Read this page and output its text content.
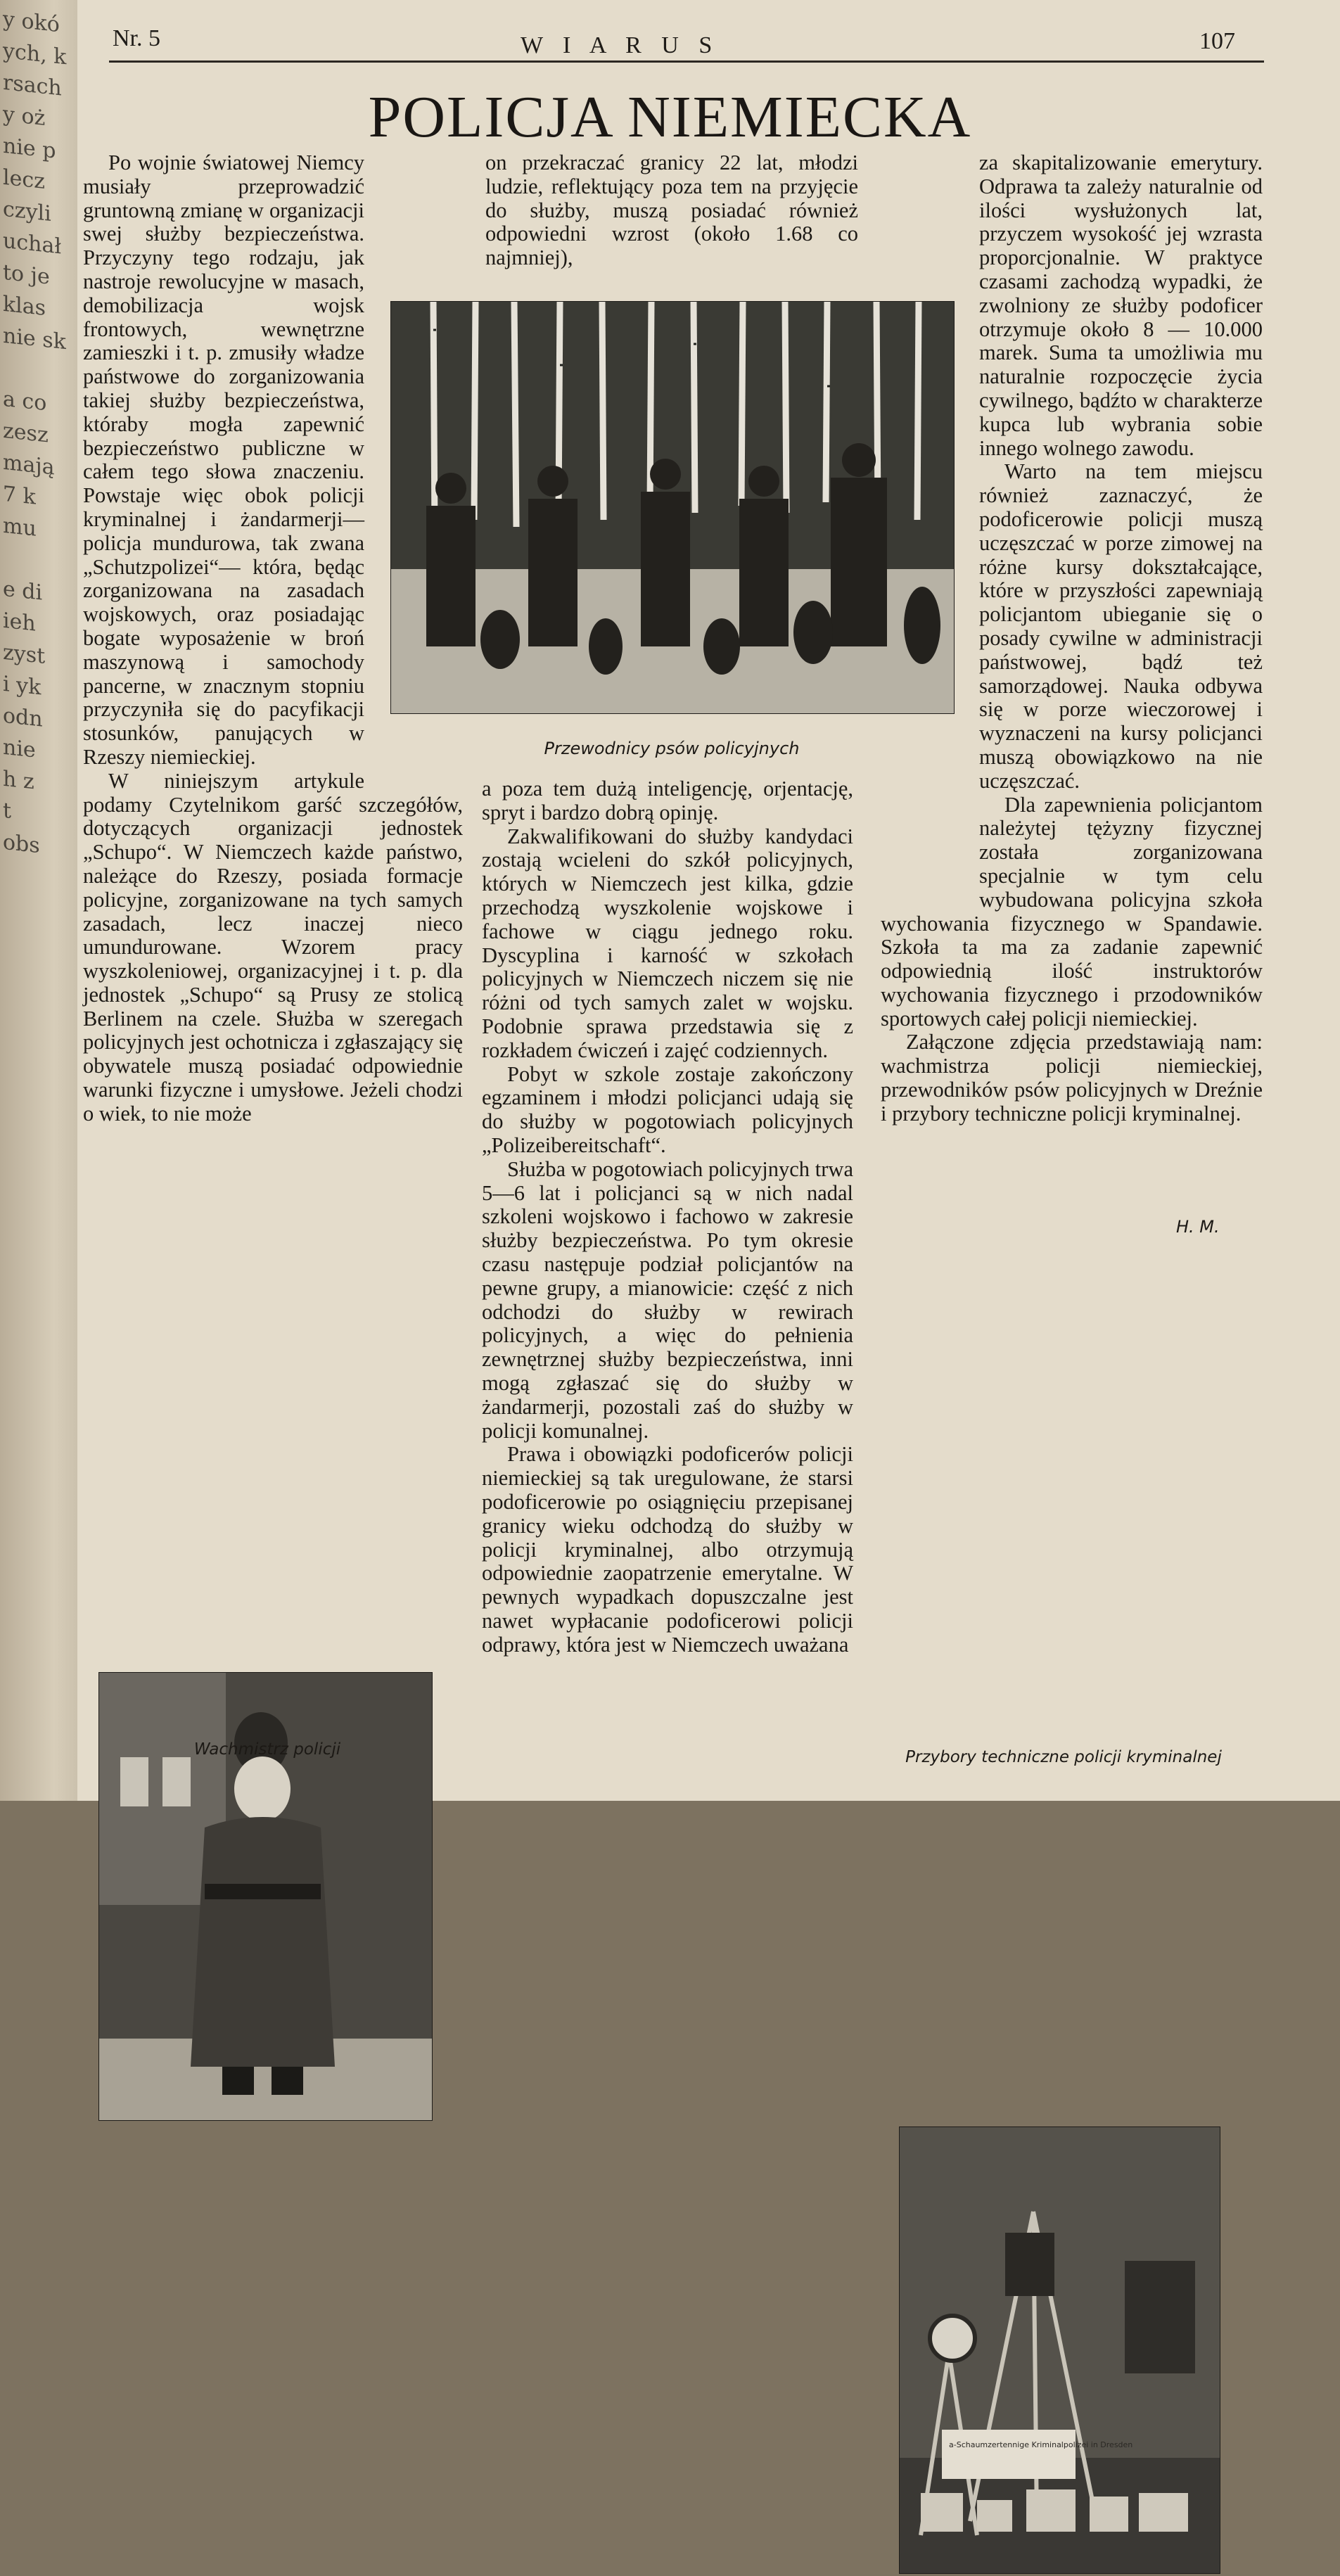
y okó
ych, k
rsach
y oż
nie p
lecz
czyli
uchał
to je
klas
nie sk

a co
zesz
mają
7 k
mu

e di
ieh
zyst
i yk
odn
nie
h z
t
obs
Nr. 5	W I A R U S	107
POLICJA NIEMIECKA

Po wojnie światowej Niemcy musiały przeprowadzić gruntowną zmianę w organizacji swej służby bezpieczeństwa. Przyczyny tego rodzaju, jak nastroje rewolucyjne w masach, demobilizacja wojsk frontowych, wewnętrzne zamieszki i t. p. zmusiły władze państwowe do zorganizowania takiej służby bezpieczeństwa, któraby mogła zapewnić bezpieczeństwo publiczne w całem tego słowa znaczeniu. Powstaje więc obok policji kryminalnej i żandarmerji— policja mundurowa, tak zwana „Schutzpolizei“— która, będąc zorganizowana na zasadach wojskowych, oraz posiadając bogate wyposażenie w broń maszynową i samochody pancerne, w znacznym stopniu przyczyniła się do pacyfikacji stosunków, panujących w Rzeszy niemieckiej.

W niniejszym artykule podamy Czytelnikom garść szczegółów, dotyczących organizacji jednostek „Schupo“. W Niemczech każde państwo, należące do Rzeszy, posiada formacje policyjne, zorganizowane na tych samych zasadach, lecz inaczej nieco umundurowane. Wzorem pracy wyszkoleniowej, organizacyjnej i t. p. dla jednostek „Schupo“ są Prusy ze stolicą Berlinem na czele. Służba w szeregach policyjnych jest ochotnicza i zgłaszający się obywatele muszą posiadać odpowiednie warunki fizyczne i umysłowe. Jeżeli chodzi o wiek, to nie może

on przekraczać granicy 22 lat, młodzi ludzie, reflektujący poza tem na przyjęcie do służby, muszą posiadać również odpowiedni wzrost (około 1.68 co najmniej),

a poza tem dużą inteligencję, orjentację, spryt i bardzo dobrą opinję.

Zakwalifikowani do służby kandydaci zostają wcieleni do szkół policyjnych, których w Niemczech jest kilka, gdzie przechodzą wyszkolenie wojskowe i fachowe w ciągu jednego roku. Dyscyplina i karność w szkołach policyjnych w Niemczech niczem się nie różni od tych samych zalet w wojsku. Podobnie sprawa przedstawia się z rozkładem ćwiczeń i zajęć codziennych.

Pobyt w szkole zostaje zakończony egzaminem i młodzi policjanci udają się do służby w pogotowiach policyjnych „Polizeibereitschaft“.

Służba w pogotowiach policyjnych trwa 5—6 lat i policjanci są w nich nadal szkoleni wojskowo i fachowo w zakresie służby bezpieczeństwa. Po tym okresie czasu następuje podział policjantów na pewne grupy, a mianowicie: część z nich odchodzi do służby w rewirach policyjnych, a więc do pełnienia zewnętrznej służby bezpieczeństwa, inni mogą zgłaszać się do służby w żandarmerji, pozostali zaś do służby w policji komunalnej.

Prawa i obowiązki podoficerów policji niemieckiej są tak uregulowane, że starsi podoficerowie po osiągnięciu przepisanej granicy wieku odchodzą do służby w policji kryminalnej, albo otrzymują odpowiednie zaopatrzenie emerytalne. W pewnych wypadkach dopuszczalne jest nawet wypłacanie podoficerowi policji odprawy, która jest w Niemczech uważana

za skapitalizowanie emerytury. Odprawa ta zależy naturalnie od ilości wysłużonych lat, przyczem wysokość jej wzrasta proporcjonalnie. W praktyce czasami zachodzą wypadki, że zwolniony ze służby podoficer otrzymuje około 8 — 10.000 marek. Suma ta umożliwia mu naturalnie rozpoczęcie życia cywilnego, bądźto w charakterze kupca lub wybrania sobie innego wolnego zawodu.

Warto na tem miejscu również zaznaczyć, że podoficerowie policji muszą uczęszczać w porze zimowej na różne kursy dokształcające, które w przyszłości zapewniają policjantom ubieganie się o posady cywilne w administracji państwowej, bądź też samorządowej. Nauka odbywa się w porze wieczorowej i wyznaczeni na kursy policjanci muszą obowiązkowo na nie uczęszczać.

Dla zapewnienia policjantom należytej tężyzny fizycznej została zorganizowana specjalnie w tym celu wybudowana policyjna szkoła wychowania fizycznego w Spandawie. Szkoła ta ma za zadanie zapewnić odpowiednią ilość instruktorów wychowania fizycznego i przodowników sportowych całej policji niemieckiej.

Załączone zdjęcia przedstawiają nam: wachmistrza policji niemieckiej, przewodników psów policyjnych w Dreźnie i przybory techniczne policji kryminalnej.

H. M.
Przewodnicy psów policyjnych
Wachmistrz policji
a-Schaumzertennige Kriminalpolizei in Dresden
Przybory techniczne policji kryminalnej
